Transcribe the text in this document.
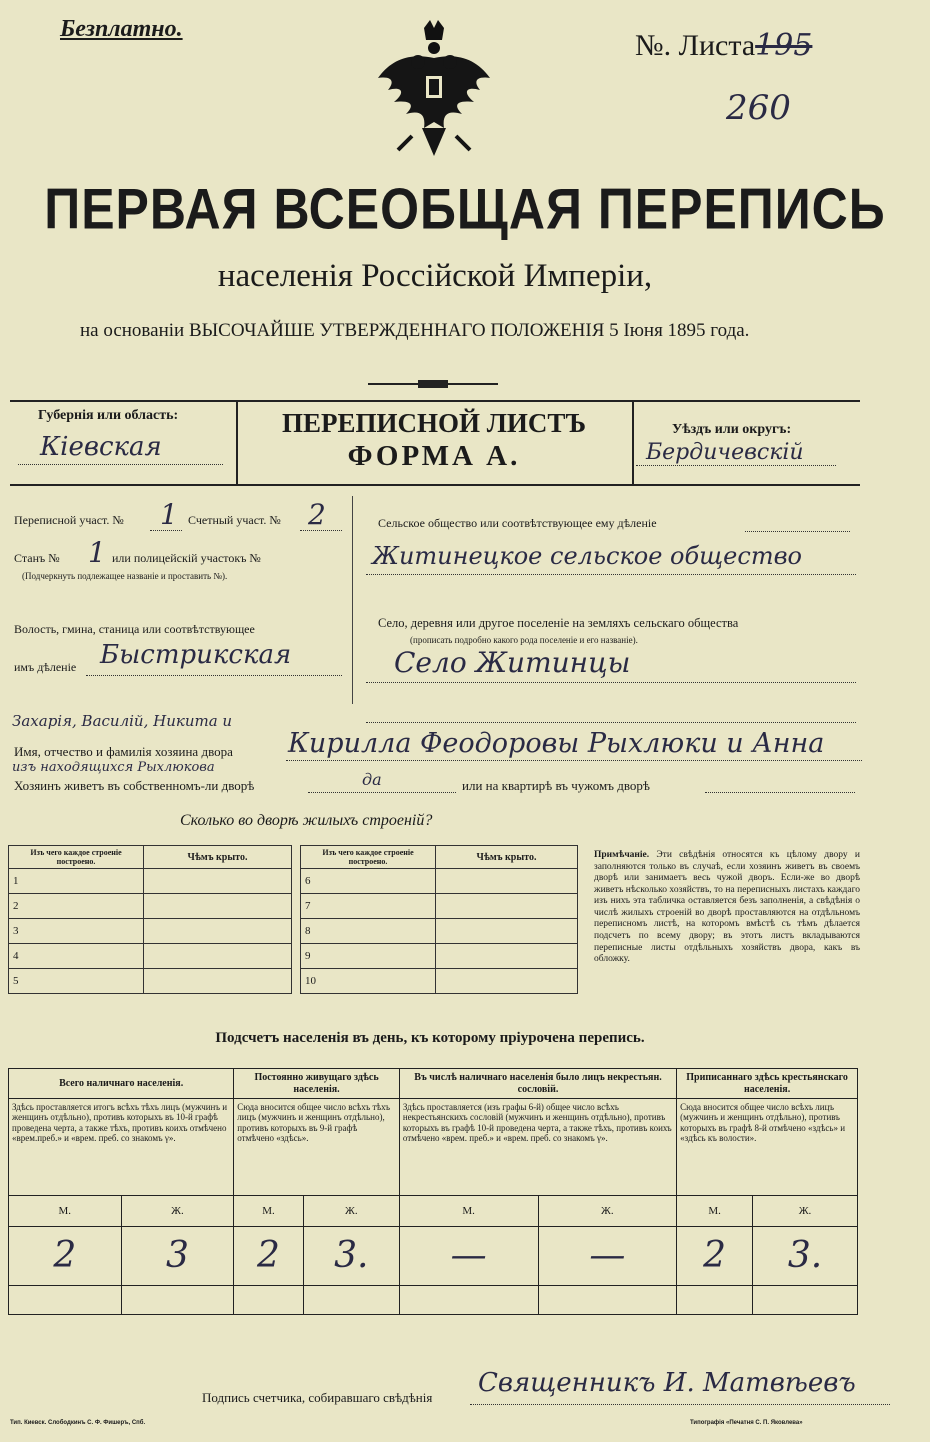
Безплатно.	№. Листа195
260
ПЕРВАЯ ВСЕОБЩАЯ ПЕРЕПИСЬ
населенія Россійской Имперіи,
на основаніи ВЫСОЧАЙШЕ УТВЕРЖДЕННАГО ПОЛОЖЕНІЯ 5 Іюня 1895 года.
Губернія или область:
Кіевская
ПЕРЕПИСНОЙ ЛИСТЪ
ФОРМА А.
Уѣздъ или округъ:
Бердичевскій
Переписной участ. № 1 Счетный участ. № 2
Станъ № 1 или полицейскій участокъ №
(Подчеркнуть подлежащее названіе и проставить №).
Волость, гмина, станица или соотвѣтствующее
имъ дѣленіе Быстрикская
Сельское общество или соотвѣтствующее ему дѣленіе
Житинецкое сельское общество
Село, деревня или другое поселеніе на земляхъ сельскаго общества
(прописать подробно какого рода поселеніе и его названіе).
Село Житинцы
Захарія, Василій, Никита и
Имя, отчество и фамилія хозяина двора Кирилла Феодоровы Рыхлюки и Анна
изъ находящихся Рыхлюкова
Хозяинъ живетъ въ собственномъ-ли дворѣ	да	или на квартирѣ въ чужомъ дворѣ
Сколько во дворѣ жилыхъ строеній?
Изъ чего каждое строеніе построено.	Чѣмъ крыто.
1	
2	
3	
4	
5	
Изъ чего каждое строеніе построено.	Чѣмъ крыто.
6	
7	
8	
9	
10	
Примѣчаніе. Эти свѣдѣнія относятся къ цѣлому двору и заполняются только въ случаѣ, если хозяинъ живетъ въ своемъ дворѣ или занимаетъ весь чужой дворъ. Если-же во дворѣ живетъ нѣсколько хозяйствъ, то на переписныхъ листахъ каждаго изъ нихъ эта табличка оставляется безъ заполненія, а свѣдѣнія о числѣ жилыхъ строеній во дворѣ проставляются на отдѣльномъ переписномъ листѣ, на которомъ вмѣстѣ съ тѣмъ дѣлается подсчетъ по всему двору; въ этотъ листъ вкладываются переписные листы отдѣльныхъ хозяйствъ двора, какъ въ обложку.
Подсчетъ населенія въ день, къ которому пріурочена перепись.
Всего наличнаго населенія.		Постоянно живущаго здѣсь населенія.		Въ числѣ наличнаго населенія было лицъ некрестьян. сословій.		Приписаннаго здѣсь крестьянскаго населенія.	
Здѣсь проставляется итогъ всѣхъ тѣхъ лицъ (мужчинъ и женщинъ отдѣльно), противъ которыхъ въ 10-й графѣ проведена черта, а также тѣхъ, противъ коихъ отмѣчено «врем.преб.» и «врем. преб. со знакомъ γ».		Сюда вносится общее число всѣхъ тѣхъ лицъ (мужчинъ и женщинъ отдѣльно), противъ которыхъ въ 9-й графѣ отмѣчено «здѣсь».		Здѣсь проставляется (изъ графы 6-й) общее число всѣхъ некрестьянскихъ сословій (мужчинъ и женщинъ отдѣльно), противъ которыхъ въ графѣ 10-й проведена черта, а также тѣхъ, противъ коихъ отмѣчено «врем. преб.» и «врем. преб. со знакомъ γ».		Сюда вносится общее число всѣхъ лицъ (мужчинъ и женщинъ отдѣльно), противъ которыхъ въ графѣ 8-й отмѣчено «здѣсь» и «здѣсь къ волости».	
М.	Ж.	М.	Ж.	М.	Ж.	М.	Ж.
2	3	2	3.	—	—	2	3.

Подпись счетчика, собиравшаго свѣдѣнія Священникъ И. Матвѣевъ
Тип. Киевск. Слободкинъ С. Ф. Фишеръ, Спб.	Типографія «Печатня С. П. Яковлева»
